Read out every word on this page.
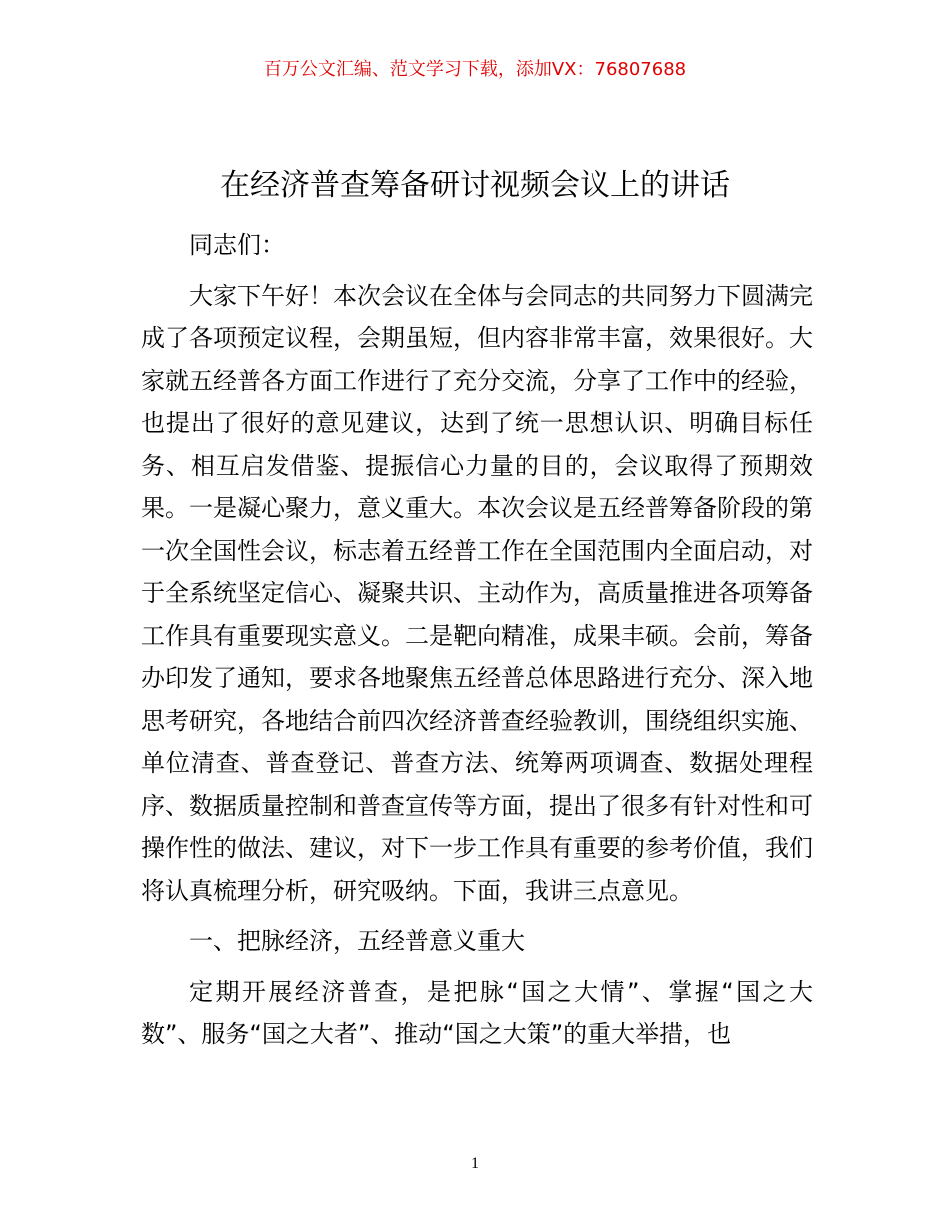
百万公文汇编、范文学习下载，添加VX：76807688
在经济普查筹备研讨视频会议上的讲话

同志们：

大家下午好！本次会议在全体与会同志的共同努力下圆满完成了各项预定议程，会期虽短，但内容非常丰富，效果很好。大家就五经普各方面工作进行了充分交流，分享了工作中的经验，也提出了很好的意见建议，达到了统一思想认识、明确目标任务、相互启发借鉴、提振信心力量的目的，会议取得了预期效果。一是凝心聚力，意义重大。本次会议是五经普筹备阶段的第一次全国性会议，标志着五经普工作在全国范围内全面启动，对于全系统坚定信心、凝聚共识、主动作为，高质量推进各项筹备工作具有重要现实意义。二是靶向精准，成果丰硕。会前，筹备办印发了通知，要求各地聚焦五经普总体思路进行充分、深入地思考研究，各地结合前四次经济普查经验教训，围绕组织实施、单位清查、普查登记、普查方法、统筹两项调查、数据处理程序、数据质量控制和普查宣传等方面，提出了很多有针对性和可操作性的做法、建议，对下一步工作具有重要的参考价值，我们将认真梳理分析，研究吸纳。下面，我讲三点意见。

一、把脉经济，五经普意义重大

定期开展经济普查，是把脉“国之大情”、掌握“国之大数”、服务“国之大者”、推动“国之大策”的重大举措，也

1
